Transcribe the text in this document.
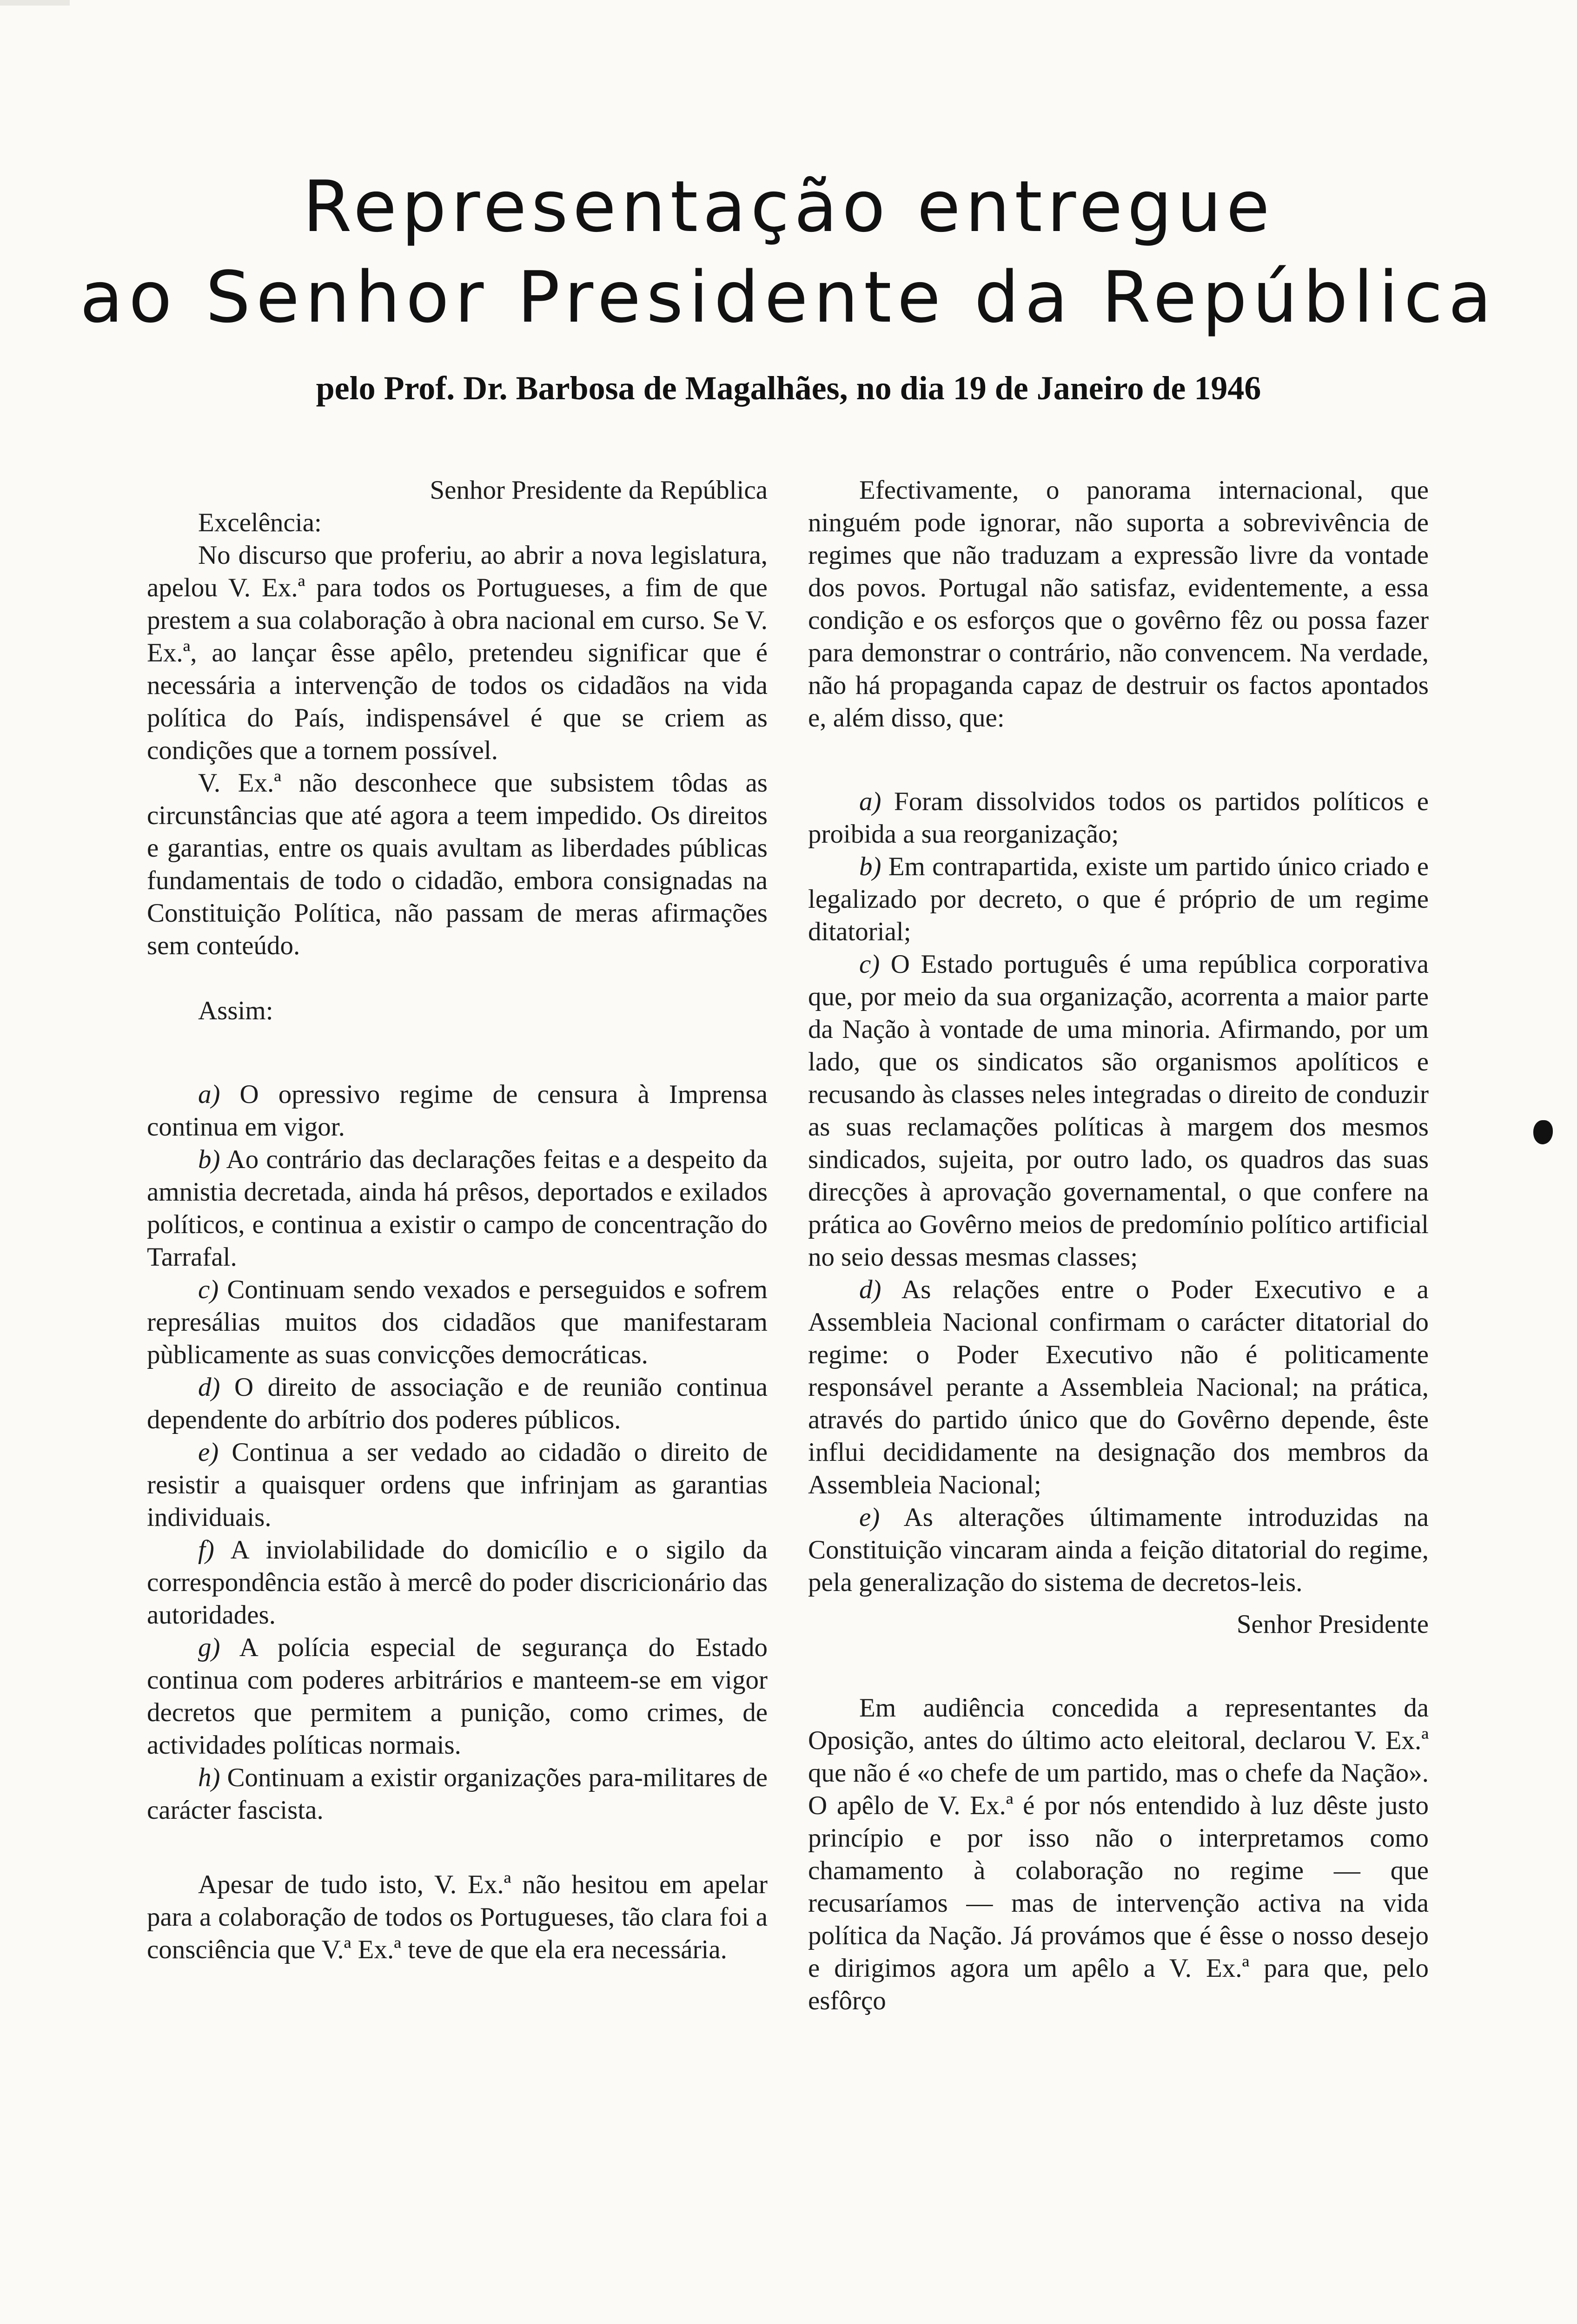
Representação entregue
ao Senhor Presidente da República
pelo Prof. Dr. Barbosa de Magalhães, no dia 19 de Janeiro de 1946

Senhor Presidente da República

Excelência:

No discurso que proferiu, ao abrir a nova legislatura, apelou V. Ex.ª para todos os Portugueses, a fim de que prestem a sua colaboração à obra nacional em curso. Se V. Ex.ª, ao lançar êsse apêlo, pretendeu significar que é necessária a intervenção de todos os cidadãos na vida política do País, indispensável é que se criem as condições que a tornem possível.

V. Ex.ª não desconhece que subsistem tôdas as circunstâncias que até agora a teem impedido. Os direitos e garantias, entre os quais avultam as liberdades públicas fundamentais de todo o cidadão, embora consignadas na Constituição Política, não passam de meras afirmações sem conteúdo.

Assim:

a) O opressivo regime de censura à Imprensa continua em vigor.

b) Ao contrário das declarações feitas e a despeito da amnistia decretada, ainda há prêsos, deportados e exilados políticos, e continua a existir o campo de concentração do Tarrafal.

c) Continuam sendo vexados e perseguidos e sofrem represálias muitos dos cidadãos que manifestaram pùblicamente as suas convicções democráticas.

d) O direito de associação e de reunião continua dependente do arbítrio dos poderes públicos.

e) Continua a ser vedado ao cidadão o direito de resistir a quaisquer ordens que infrinjam as garantias individuais.

f) A inviolabilidade do domicílio e o sigilo da correspondência estão à mercê do poder discricionário das autoridades.

g) A polícia especial de segurança do Estado continua com poderes arbitrários e manteem-se em vigor decretos que permitem a punição, como crimes, de actividades políticas normais.

h) Continuam a existir organizações para-militares de carácter fascista.

Apesar de tudo isto, V. Ex.ª não hesitou em apelar para a colaboração de todos os Portugueses, tão clara foi a consciência que V.ª Ex.ª teve de que ela era necessária.

Efectivamente, o panorama internacional, que ninguém pode ignorar, não suporta a sobrevivência de regimes que não traduzam a expressão livre da vontade dos povos. Portugal não satisfaz, evidentemente, a essa condição e os esforços que o govêrno fêz ou possa fazer para demonstrar o contrário, não convencem. Na verdade, não há propaganda capaz de destruir os factos apontados e, além disso, que:

a) Foram dissolvidos todos os partidos políticos e proibida a sua reorganização;

b) Em contrapartida, existe um partido único criado e legalizado por decreto, o que é próprio de um regime ditatorial;

c) O Estado português é uma república corporativa que, por meio da sua organização, acorrenta a maior parte da Nação à vontade de uma minoria. Afirmando, por um lado, que os sindicatos são organismos apolíticos e recusando às classes neles integradas o direito de conduzir as suas reclamações políticas à margem dos mesmos sindicados, sujeita, por outro lado, os quadros das suas direcções à aprovação governamental, o que confere na prática ao Govêrno meios de predomínio político artificial no seio dessas mesmas classes;

d) As relações entre o Poder Executivo e a Assembleia Nacional confirmam o carácter ditatorial do regime: o Poder Executivo não é politicamente responsável perante a Assembleia Nacional; na prática, através do partido único que do Govêrno depende, êste influi decididamente na designação dos membros da Assembleia Nacional;

e) As alterações últimamente introduzidas na Constituição vincaram ainda a feição ditatorial do regime, pela generalização do sistema de decretos-leis.

Senhor Presidente

Em audiência concedida a representantes da Oposição, antes do último acto eleitoral, declarou V. Ex.ª que não é «o chefe de um partido, mas o chefe da Nação». O apêlo de V. Ex.ª é por nós entendido à luz dêste justo princípio e por isso não o interpretamos como chamamento à colaboração no regime — que recusaríamos — mas de intervenção activa na vida política da Nação. Já provámos que é êsse o nosso desejo e dirigimos agora um apêlo a V. Ex.ª para que, pelo esfôrço
